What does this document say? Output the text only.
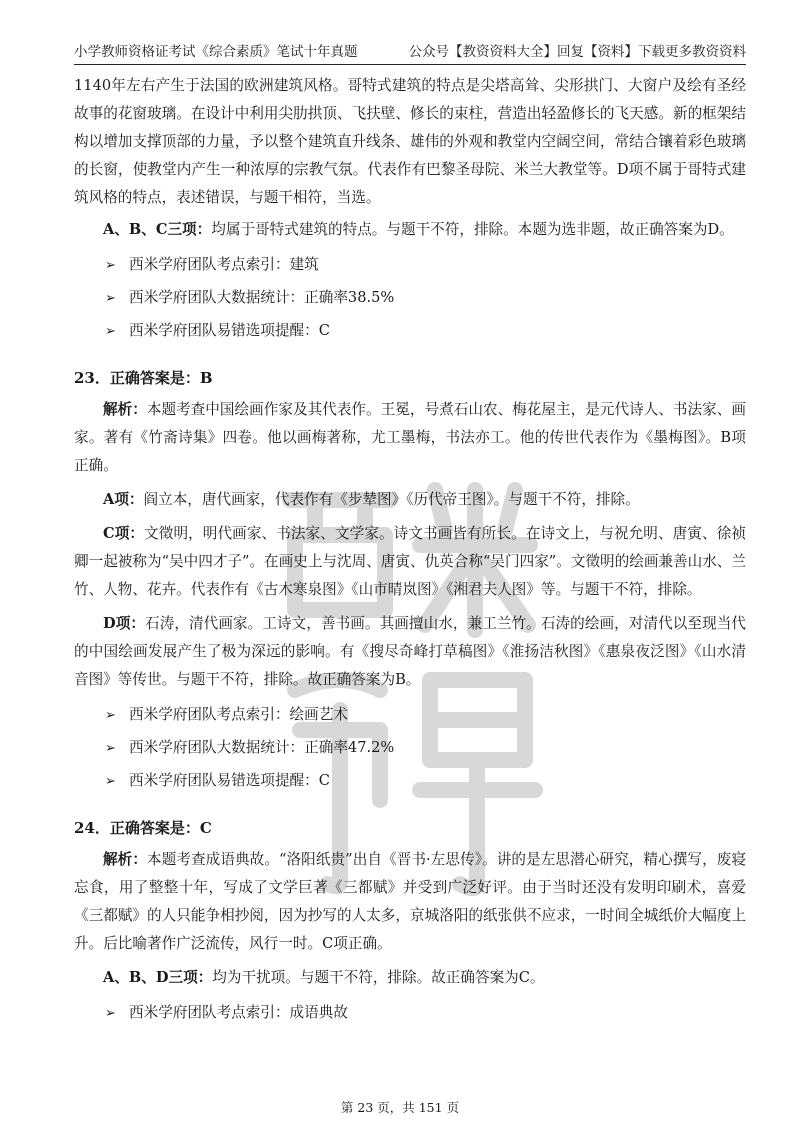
小学教师资格证考试《综合素质》笔试十年真题	公众号【教资资料大全】回复【资料】下载更多教资资料

1140年左右产生于法国的欧洲建筑风格。哥特式建筑的特点是尖塔高耸、尖形拱门、大窗户及绘有圣经故事的花窗玻璃。在设计中利用尖肋拱顶、飞扶壁、修长的束柱，营造出轻盈修长的飞天感。新的框架结构以增加支撑顶部的力量，予以整个建筑直升线条、雄伟的外观和教堂内空阔空间，常结合镶着彩色玻璃的长窗，使教堂内产生一种浓厚的宗教气氛。代表作有巴黎圣母院、米兰大教堂等。D项不属于哥特式建筑风格的特点，表述错误，与题干相符，当选。

A、B、C三项：均属于哥特式建筑的特点。与题干不符，排除。本题为选非题，故正确答案为D。

➢ 西米学府团队考点索引：建筑
➢ 西米学府团队大数据统计：正确率38.5%
➢ 西米学府团队易错选项提醒：C
23．正确答案是：B

解析：本题考查中国绘画作家及其代表作。王冕，号煮石山农、梅花屋主，是元代诗人、书法家、画家。著有《竹斋诗集》四卷。他以画梅著称，尤工墨梅，书法亦工。他的传世代表作为《墨梅图》。B项正确。

A项：阎立本，唐代画家，代表作有《步辇图》《历代帝王图》。与题干不符，排除。

C项：文徵明，明代画家、书法家、文学家。诗文书画皆有所长。在诗文上，与祝允明、唐寅、徐祯卿一起被称为“吴中四才子”。在画史上与沈周、唐寅、仇英合称“吴门四家”。文徵明的绘画兼善山水、兰竹、人物、花卉。代表作有《古木寒泉图》《山市晴岚图》《湘君夫人图》等。与题干不符，排除。

D项：石涛，清代画家。工诗文，善书画。其画擅山水，兼工兰竹。石涛的绘画，对清代以至现当代的中国绘画发展产生了极为深远的影响。有《搜尽奇峰打草稿图》《淮扬洁秋图》《惠泉夜泛图》《山水清音图》等传世。与题干不符，排除。故正确答案为B。

➢ 西米学府团队考点索引：绘画艺术
➢ 西米学府团队大数据统计：正确率47.2%
➢ 西米学府团队易错选项提醒：C
24．正确答案是：C

解析：本题考查成语典故。“洛阳纸贵”出自《晋书·左思传》。讲的是左思潜心研究，精心撰写，废寝忘食，用了整整十年，写成了文学巨著《三都赋》并受到广泛好评。由于当时还没有发明印刷术，喜爱《三都赋》的人只能争相抄阅，因为抄写的人太多，京城洛阳的纸张供不应求，一时间全城纸价大幅度上升。后比喻著作广泛流传，风行一时。C项正确。

A、B、D三项：均为干扰项。与题干不符，排除。故正确答案为C。

➢ 西米学府团队考点索引：成语典故
第 23 页，共 151 页
